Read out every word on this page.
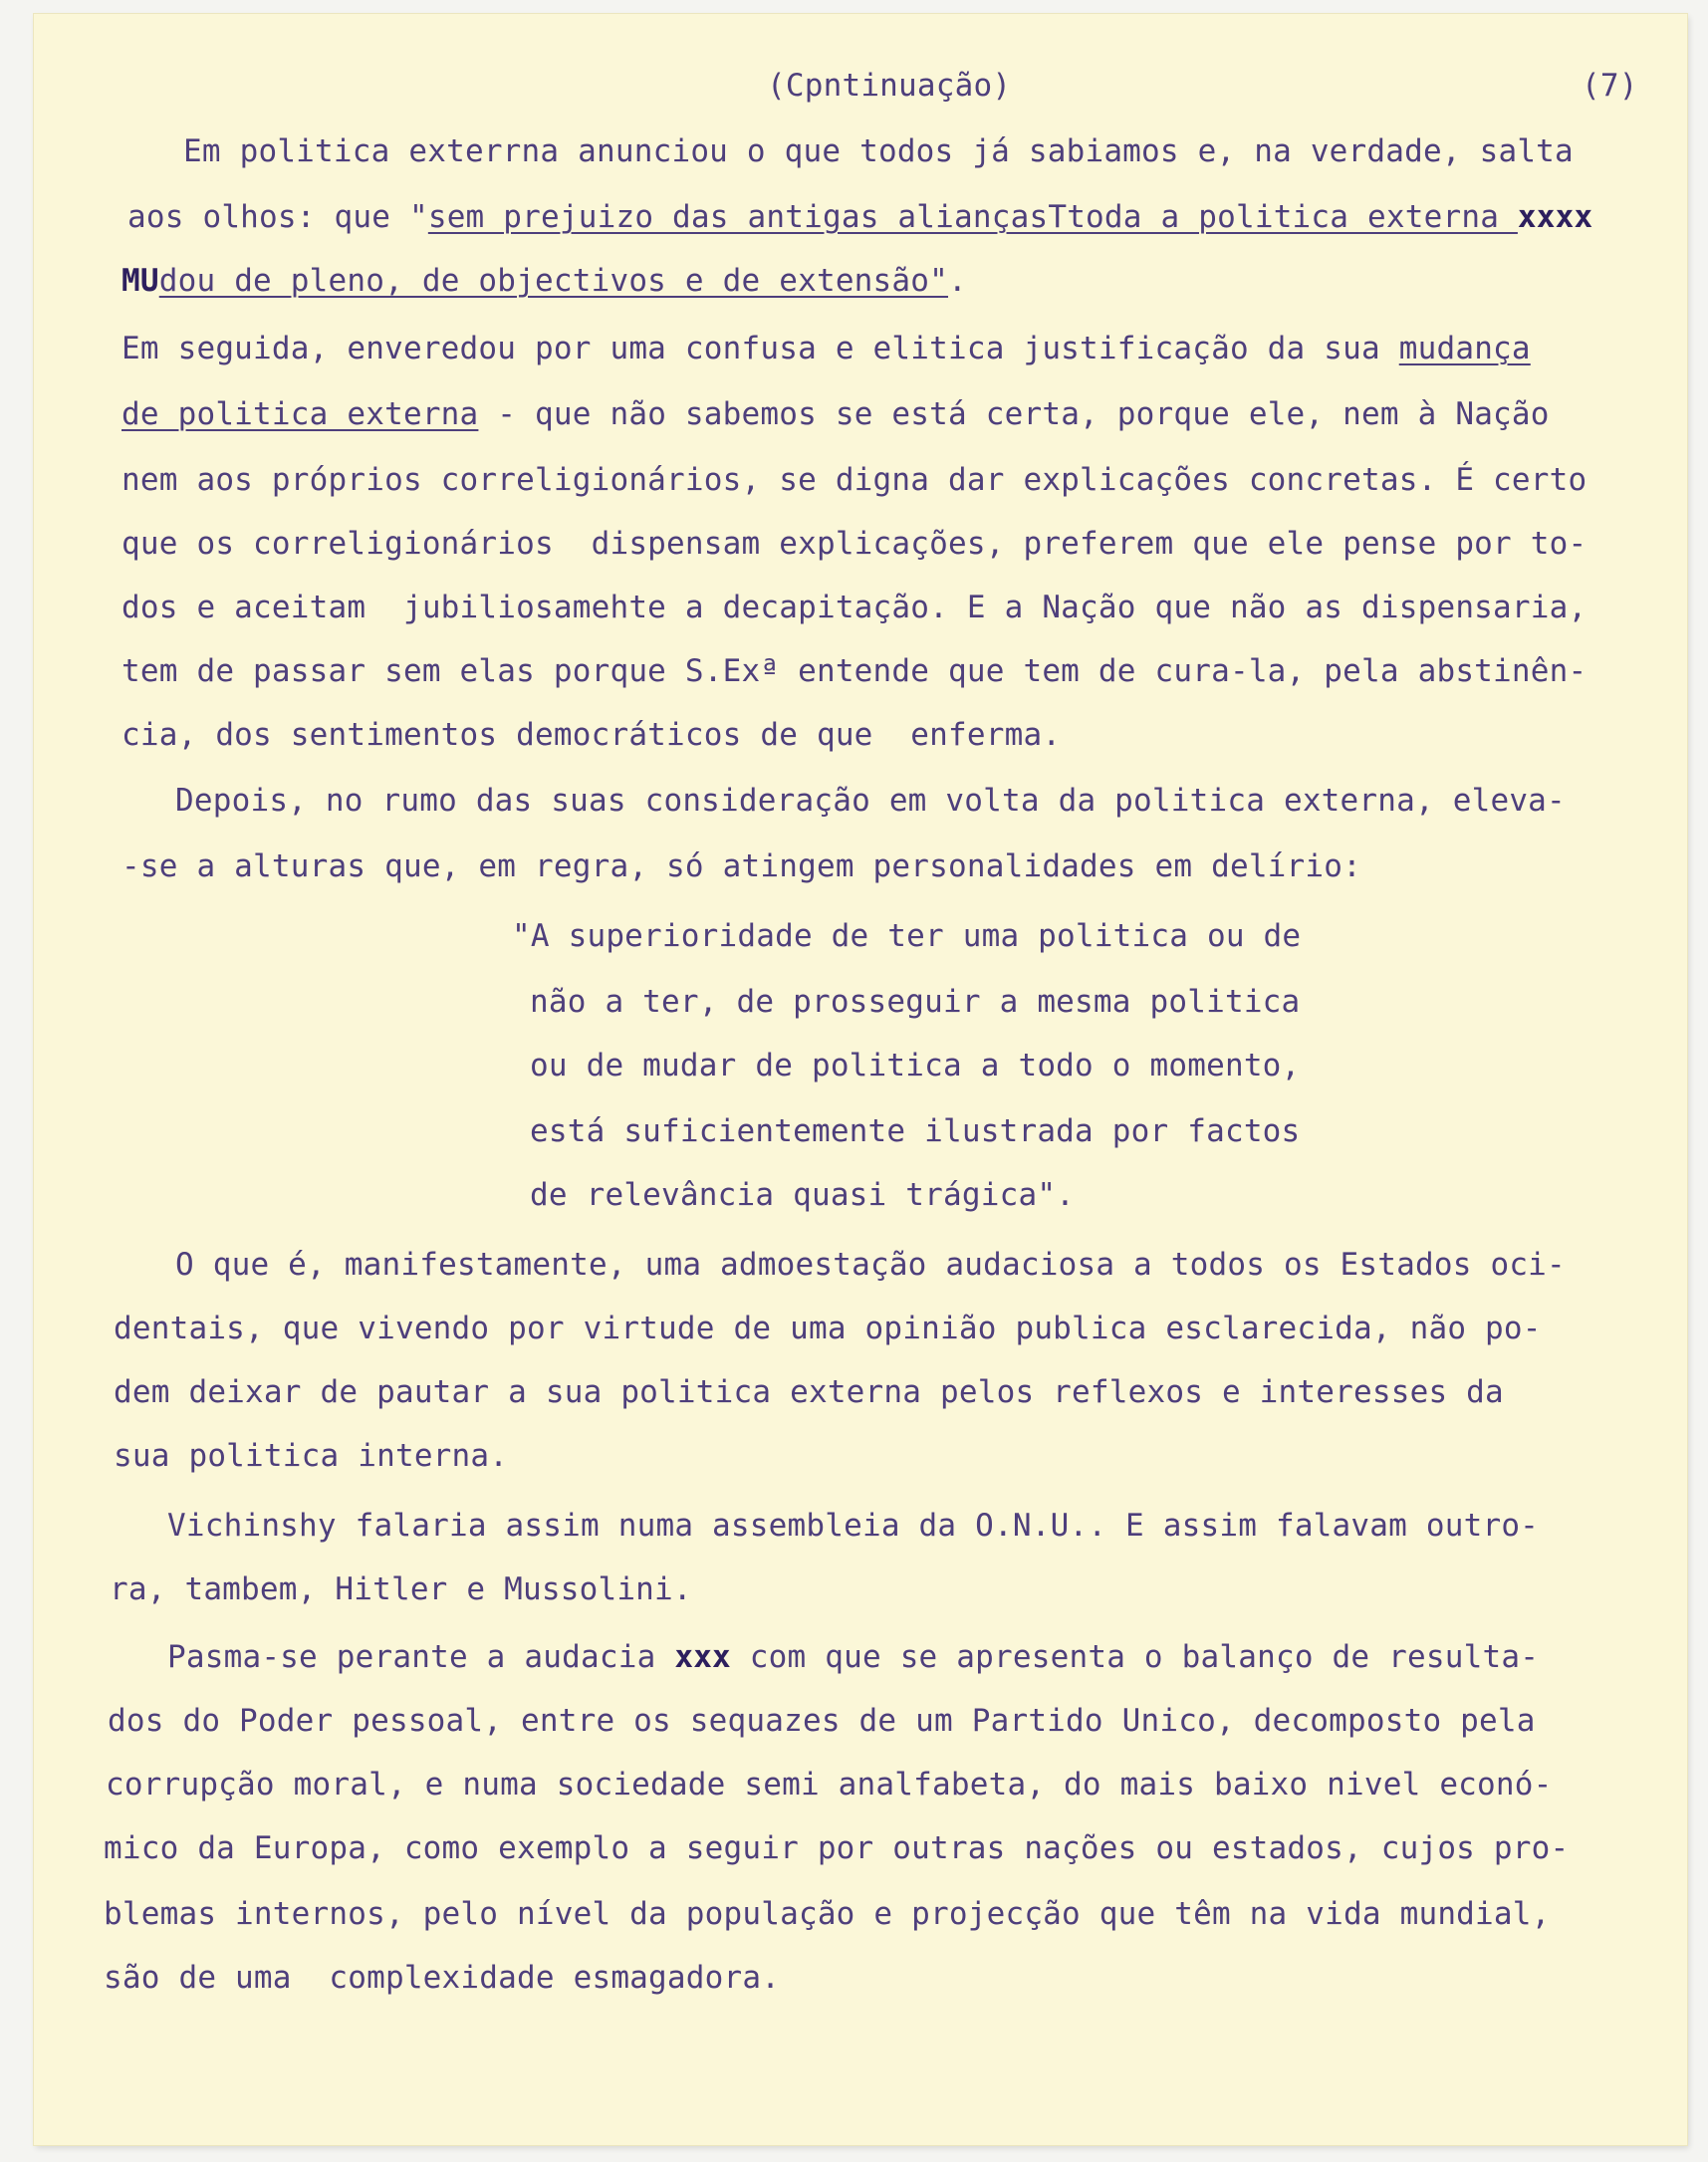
(Cpntinuação)	(7)
Em politica exterrna anunciou o que todos já sabiamos e, na verdade, salta
aos olhos: que "sem prejuizo das antigas aliançasTtoda a politica externa xxxx
MUdou de pleno, de objectivos e de extensão".
Em seguida, enveredou por uma confusa e elitica justificação da sua mudança
de politica externa - que não sabemos se está certa, porque ele, nem à Nação
nem aos próprios correligionários, se digna dar explicações concretas. É certo
que os correligionários  dispensam explicações, preferem que ele pense por to-
dos e aceitam  jubiliosamehte a decapitação. E a Nação que não as dispensaria,
tem de passar sem elas porque S.Exª entende que tem de cura-la, pela abstinên-
cia, dos sentimentos democráticos de que  enferma.
Depois, no rumo das suas consideração em volta da politica externa, eleva-
-se a alturas que, em regra, só atingem personalidades em delírio:
"A superioridade de ter uma politica ou de
não a ter, de prosseguir a mesma politica
ou de mudar de politica a todo o momento,
está suficientemente ilustrada por factos
de relevância quasi trágica".
O que é, manifestamente, uma admoestação audaciosa a todos os Estados oci-
dentais, que vivendo por virtude de uma opinião publica esclarecida, não po-
dem deixar de pautar a sua politica externa pelos reflexos e interesses da
sua politica interna.
Vichinshy falaria assim numa assembleia da O.N.U.. E assim falavam outro-
ra, tambem, Hitler e Mussolini.
Pasma-se perante a audacia xxx com que se apresenta o balanço de resulta-
dos do Poder pessoal, entre os sequazes de um Partido Unico, decomposto pela
corrupção moral, e numa sociedade semi analfabeta, do mais baixo nivel econó-
mico da Europa, como exemplo a seguir por outras nações ou estados, cujos pro-
blemas internos, pelo nível da população e projecção que têm na vida mundial,
são de uma  complexidade esmagadora.
